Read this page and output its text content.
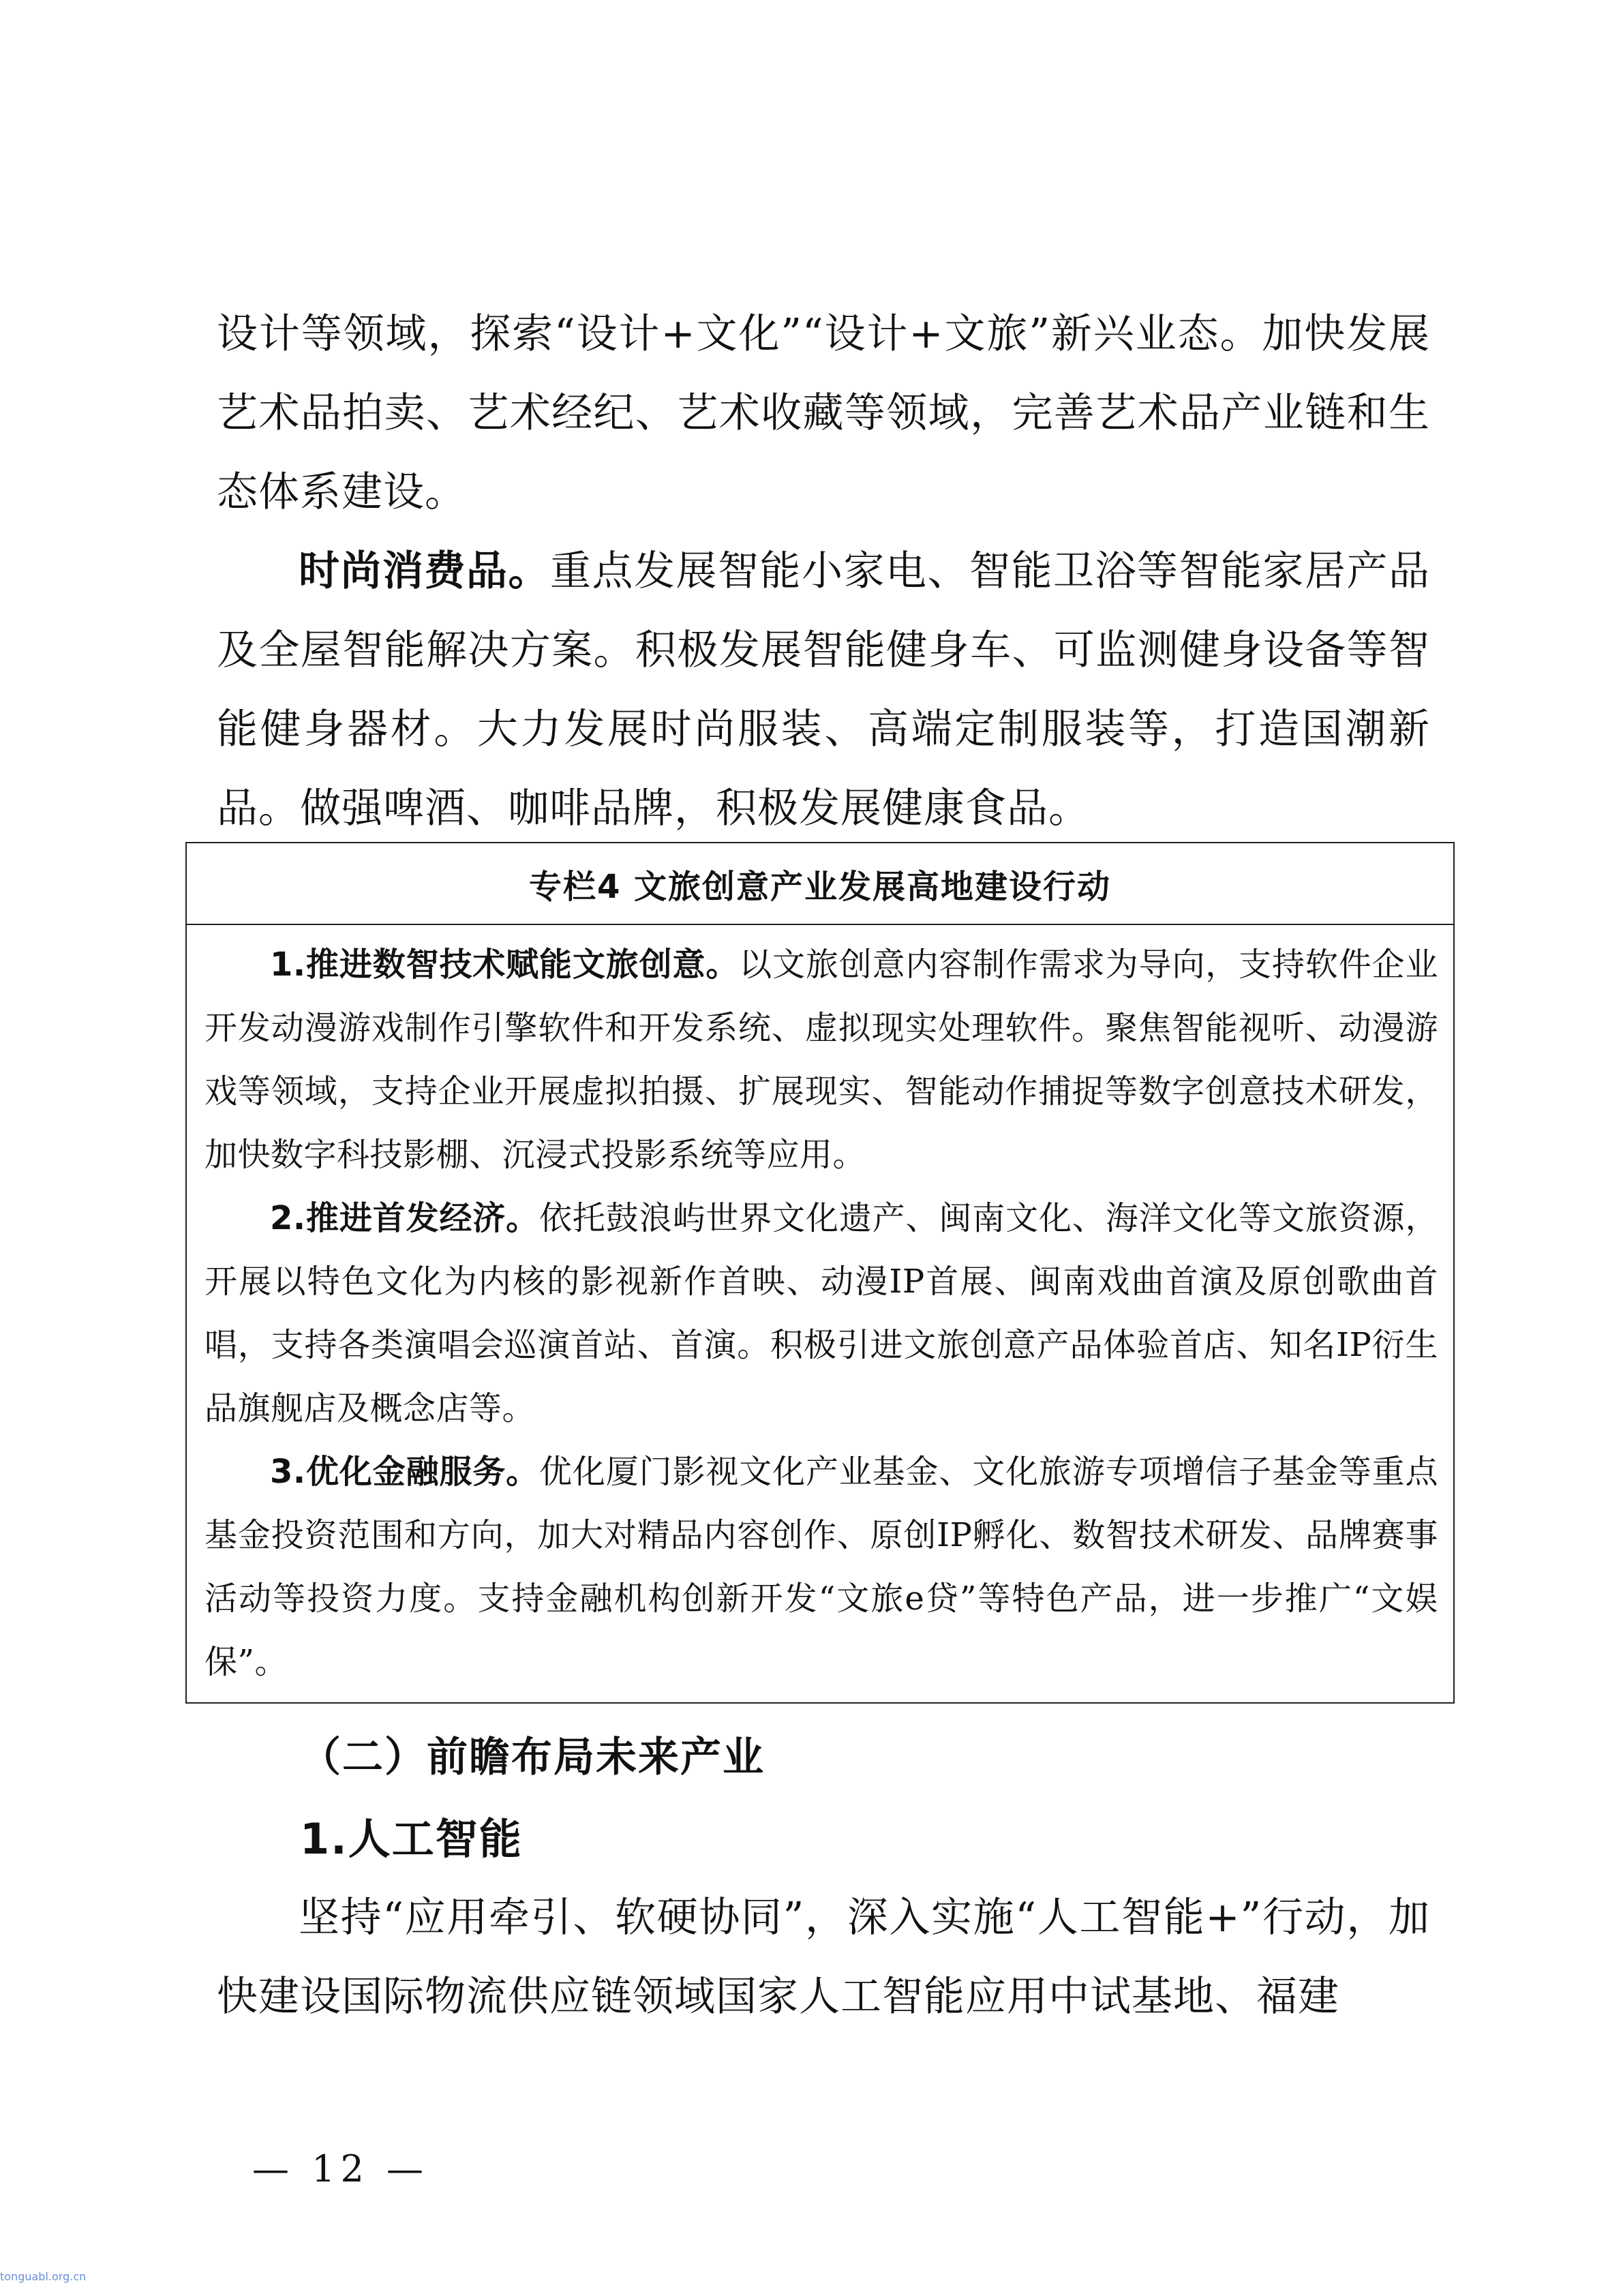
设计等领域，探索“设计+文化”“设计+文旅”新兴业态。加快发展艺术品拍卖、艺术经纪、艺术收藏等领域，完善艺术品产业链和生态体系建设。

时尚消费品。重点发展智能小家电、智能卫浴等智能家居产品及全屋智能解决方案。积极发展智能健身车、可监测健身设备等智能健身器材。大力发展时尚服装、高端定制服装等，打造国潮新品。做强啤酒、咖啡品牌，积极发展健康食品。

专栏4 文旅创意产业发展高地建设行动

1.推进数智技术赋能文旅创意。以文旅创意内容制作需求为导向，支持软件企业开发动漫游戏制作引擎软件和开发系统、虚拟现实处理软件。聚焦智能视听、动漫游戏等领域，支持企业开展虚拟拍摄、扩展现实、智能动作捕捉等数字创意技术研发，加快数字科技影棚、沉浸式投影系统等应用。

2.推进首发经济。依托鼓浪屿世界文化遗产、闽南文化、海洋文化等文旅资源，开展以特色文化为内核的影视新作首映、动漫IP首展、闽南戏曲首演及原创歌曲首唱，支持各类演唱会巡演首站、首演。积极引进文旅创意产品体验首店、知名IP衍生品旗舰店及概念店等。

3.优化金融服务。优化厦门影视文化产业基金、文化旅游专项增信子基金等重点基金投资范围和方向，加大对精品内容创作、原创IP孵化、数智技术研发、品牌赛事活动等投资力度。支持金融机构创新开发“文旅e贷”等特色产品，进一步推广“文娱保”。

（二）前瞻布局未来产业
1.人工智能

坚持“应用牵引、软硬协同”，深入实施“人工智能+”行动，加快建设国际物流供应链领域国家人工智能应用中试基地、福建

— 12 —
tonguabl.org.cn
